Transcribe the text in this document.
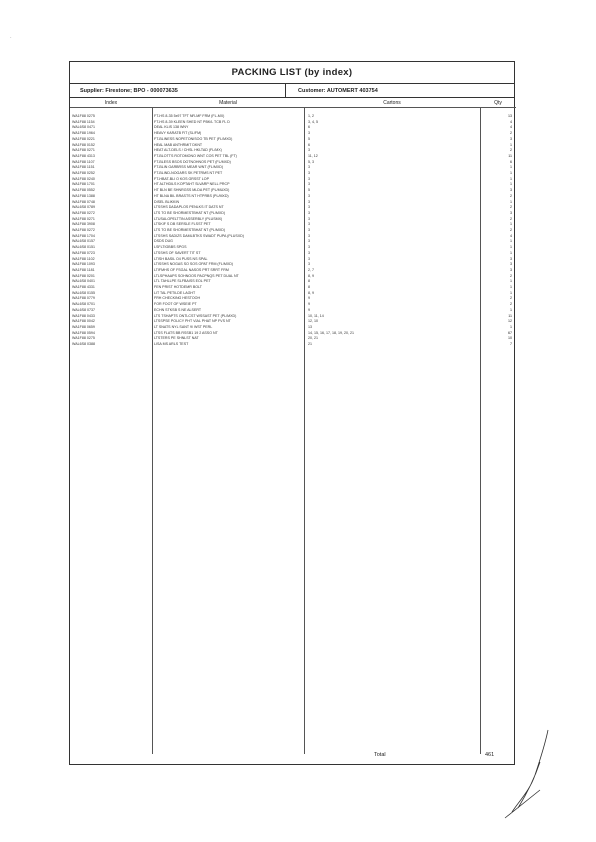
·
PACKING LIST (by index)
Supplier: Firestone; BPO - 000073635	Customer: AUTOMERT 403754
Index	Material	Cartons	Qty
WA1F88 0275	FT-HS 8-35 5x97 TFT NR-MF FRM (FL-MX)	1, 2	13
WA1F88 1154	FT-HS 8-39 KLEEN SHED NT PBK/L TCB FL D	3, 4, 5	4
WAL6S8 0471	DEAL KLIS 138 WNY	6	4
WA1F88 1964	HEAVY KARATB FIT (SL/FM)	3	2
WA1F88 0221	FT-BLINESS NOPETONISOO TB PET (FL/MXD)	5	3
WA1F88 0152	HEAL MAB ANTHRMIT DKNT	6	1
WA1F88 0271	HEAT ALT-DELS / CHSL HKLTAD (FL/MX)	3	2
WA1F88 4313	FT-BLOTTS ROTOMONO WNT COS PET TBL (FT)	11, 12	11
WA1F88 1107	FT-BLESS BSOS DOTNOHNOS PET (FL/MXD)	5, 3	6
WA1F88 1151	FT-BLIN GARBRSS MEAR WNT (FL/MXD)	3	1
WA1F88 0252	FT-BLIND-NOGARS SK PETRMS NT PET	3	1
WA1F88 0240	FT-HBAT-BLI O KOS GRSST LOP	3	1
WA1F88 1701	HT ALTHDILS KOPTAHT SLVARP NELL PRCP	3	1
WA1F88 0552	HT BLN BE SHNRGSS MLDA PET (PL/MUXD)	5	3
WA1F88 1388	HT BLNA BIL BRASTS NT HTPRBS (PL/MXD)	3	2
WA1F88 0748	DISEL BLIKKIN	3	1
WAL6S8 0789	LTSSHS DADAPLOS PENLKS IT DATS NT	3	2
WA1F88 0272	LTS TO BE SHORMESTBHAT NT (PL/MXD)	3	3
WA1F88 0271	LTUSALOPELTTIN ASSERBLY (PLUSMX)	3	2
WA1F88 3908	LTSKIF S DB SERSLE FLSST PET	3	1
WA1F88 0272	LTS TO BE SHORMESTBHAT NT (PL/MXD)	3	2
WA1F88 1704	LTSSHS SADIZS DAMLBTKS SWADT PUPA (PLUSXD)	3	4
WAL6S8 0157	DSDS DUG	3	1
WAL6S8 0151	LSFLTIGBBS SPGS	3	1
WA1F88 0723	LTSSHS OF SAVERT TIT ST	3	1
WA1F88 1102	LTISH BASIL O4 PUSS NS SPAL	3	3
WA1F88 1093	LTISSHS NOGAS SO SOS OPAT FRM (FL/MXD)	3	3
WA1F88 1181	LTIFMHS OF FSGAL NASOS PRT SRRT FRM	2, 7	3
WA1F88 0201	LTLSPHAAPS SOHNOOS PACPNQS PET DUAL NT	8, 9	2
WAL6S8 0401	LTL TAHLLPE SLFBAISS EOL PET	8	1
WA1F88 4331	FEN PRIST HOTDEMR BOLT	8	1
WAL6S8 0155	LIT TAL PETILDE LAGHT	8, 9	1
WA1F88 0779	FRH CHECKING HESTOOH	9	2
WAL6S8 0701	FOR FOOT OF WSEIE PT	9	2
WAL6S8 0737	ECHN STKSB S NE ALSERT	9	1
WA1F88 0433	LTS TSHAPTS ONTLCST WSSAST PET (PL/MXD)	10, 11, 14	11
WA1F88 0042	LTSSPSE POLICY PHT VIAL PHAT NP FVS NT	12, 10	12
WA1F88 0659	LT SNATS NYL SANT 9/ WST PERL	13	1
WA1F88 0594	LTSS FLATS BB RSSB1 19 2 ASSO NT	14, 15, 16, 17, 18, 19, 20, 21	67
WA1F88 0275	LTSTERS PE SHNLST NAT	20, 21	10
WAL6S8 0388	LISA MS ARLS TEST	21	7
Total	461
